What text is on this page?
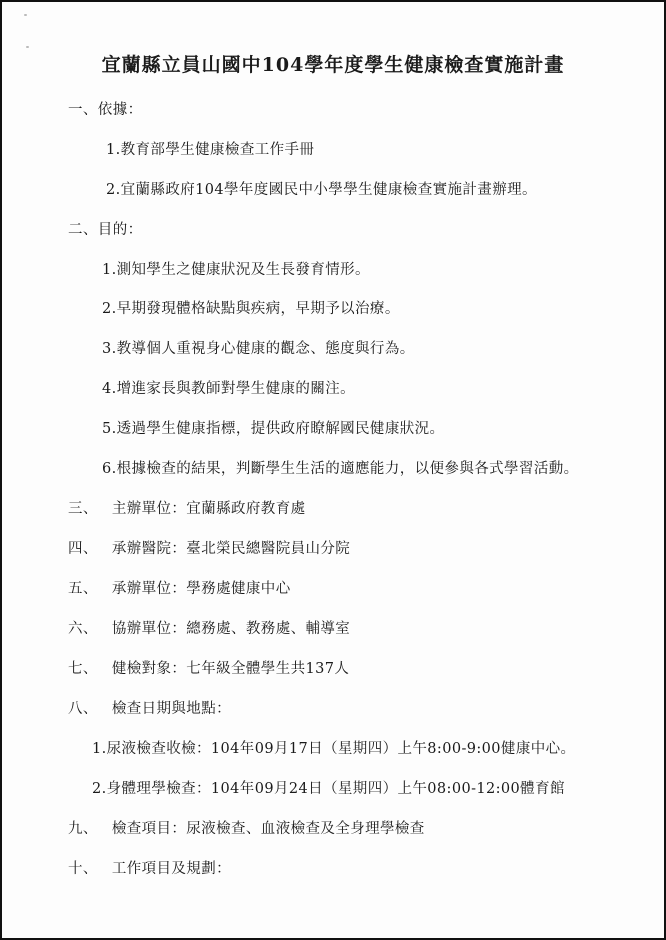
宜蘭縣立員山國中104學年度學生健康檢查實施計畫
一、依據：
1.教育部學生健康檢查工作手冊
2.宜蘭縣政府104學年度國民中小學學生健康檢查實施計畫辦理。
二、目的：
1.測知學生之健康狀況及生長發育情形。
2.早期發現體格缺點與疾病，早期予以治療。
3.教導個人重視身心健康的觀念、態度與行為。
4.增進家長與教師對學生健康的關注。
5.透過學生健康指標，提供政府瞭解國民健康狀況。
6.根據檢查的結果，判斷學生生活的適應能力，以便參與各式學習活動。
三、 主辦單位：宜蘭縣政府教育處
四、 承辦醫院：臺北榮民總醫院員山分院
五、 承辦單位：學務處健康中心
六、 協辦單位：總務處、教務處、輔導室
七、 健檢對象：七年級全體學生共137人
八、 檢查日期與地點：
1.尿液檢查收檢：104年09月17日（星期四）上午8:00-9:00健康中心。
2.身體理學檢查：104年09月24日（星期四）上午08:00-12:00體育館
九、 檢查項目：尿液檢查、血液檢查及全身理學檢查
十、 工作項目及規劃：
